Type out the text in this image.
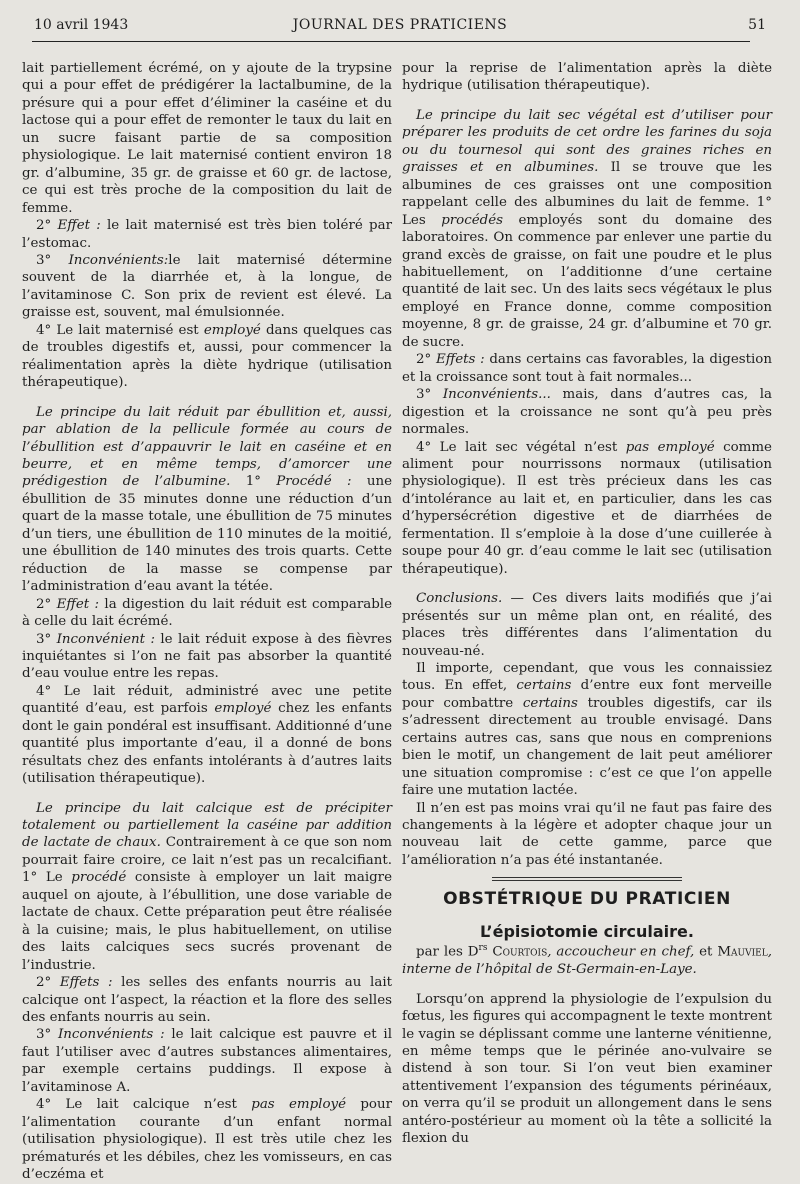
10 avril 1943	JOURNAL DES PRATICIENS	51

lait partiellement écrémé, on y ajoute de la trypsine qui a pour effet de prédigérer la lactalbumine, de la présure qui a pour effet d’éliminer la caséine et du lactose qui a pour effet de remonter le taux du lait en un sucre faisant partie de sa composition physiologique. Le lait maternisé contient environ 18 gr. d’albumine, 35 gr. de graisse et 60 gr. de lactose, ce qui est très proche de la composition du lait de femme.

2° Effet : le lait maternisé est très bien toléré par l’estomac.

3° Inconvénients:le lait maternisé détermine souvent de la diarrhée et, à la longue, de l’avitaminose C. Son prix de revient est élevé. La graisse est, souvent, mal émulsionnée.

4° Le lait maternisé est employé dans quelques cas de troubles digestifs et, aussi, pour commencer la réalimentation après la diète hydrique (utilisation thérapeutique).

Le principe du lait réduit par ébullition et, aussi, par ablation de la pellicule formée au cours de l’ébullition est d’appauvrir le lait en caséine et en beurre, et en même temps, d’amorcer une prédigestion de l’albumine. 1° Procédé : une ébullition de 35 minutes donne une réduction d’un quart de la masse totale, une ébullition de 75 minutes d’un tiers, une ébullition de 110 minutes de la moitié, une ébullition de 140 minutes des trois quarts. Cette réduction de la masse se compense par l’administration d’eau avant la tétée.

2° Effet : la digestion du lait réduit est comparable à celle du lait écrémé.

3° Inconvénient : le lait réduit expose à des fièvres inquiétantes si l’on ne fait pas absorber la quantité d’eau voulue entre les repas.

4° Le lait réduit, administré avec une petite quantité d’eau, est parfois employé chez les enfants dont le gain pondéral est insuffisant. Additionné d’une quantité plus importante d’eau, il a donné de bons résultats chez des enfants intolérants à d’autres laits (utilisation thérapeutique).

Le principe du lait calcique est de précipiter totalement ou partiellement la caséine par addition de lactate de chaux. Contrairement à ce que son nom pourrait faire croire, ce lait n’est pas un recalcifiant. 1° Le procédé consiste à employer un lait maigre auquel on ajoute, à l’ébullition, une dose variable de lactate de chaux. Cette préparation peut être réalisée à la cuisine; mais, le plus habituellement, on utilise des laits calciques secs sucrés provenant de l’industrie.

2° Effets : les selles des enfants nourris au lait calcique ont l’aspect, la réaction et la flore des selles des enfants nourris au sein.

3° Inconvénients : le lait calcique est pauvre et il faut l’utiliser avec d’autres substances alimentaires, par exemple certains puddings. Il expose à l’avitaminose A.

4° Le lait calcique n’est pas employé pour l’alimentation courante d’un enfant normal (utilisation physiologique). Il est très utile chez les prématurés et les débiles, chez les vomisseurs, en cas d’eczéma et

pour la reprise de l’alimentation après la diète hydrique (utilisation thérapeutique).

Le principe du lait sec végétal est d’utiliser pour préparer les produits de cet ordre les farines du soja ou du tournesol qui sont des graines riches en graisses et en albumines. Il se trouve que les albumines de ces graisses ont une composition rappelant celle des albumines du lait de femme. 1° Les procédés employés sont du domaine des laboratoires. On commence par enlever une partie du grand excès de graisse, on fait une poudre et le plus habituellement, on l’additionne d’une certaine quantité de lait sec. Un des laits secs végétaux le plus employé en France donne, comme composition moyenne, 8 gr. de graisse, 24 gr. d’albumine et 70 gr. de sucre.

2° Effets : dans certains cas favorables, la digestion et la croissance sont tout à fait normales...

3° Inconvénients... mais, dans d’autres cas, la digestion et la croissance ne sont qu’à peu près normales.

4° Le lait sec végétal n’est pas employé comme aliment pour nourrissons normaux (utilisation physiologique). Il est très précieux dans les cas d’intolérance au lait et, en particulier, dans les cas d’hypersécrétion digestive et de diarrhées de fermentation. Il s’emploie à la dose d’une cuillerée à soupe pour 40 gr. d’eau comme le lait sec (utilisation thérapeutique).

Conclusions. — Ces divers laits modifiés que j’ai présentés sur un même plan ont, en réalité, des places très différentes dans l’alimentation du nouveau-né.

Il importe, cependant, que vous les connaissiez tous. En effet, certains d’entre eux font merveille pour combattre certains troubles digestifs, car ils s’adressent directement au trouble envisagé. Dans certains autres cas, sans que nous en comprenions bien le motif, un changement de lait peut améliorer une situation compromise : c’est ce que l’on appelle faire une mutation lactée.

Il n’en est pas moins vrai qu’il ne faut pas faire des changements à la légère et adopter chaque jour un nouveau lait de cette gamme, parce que l’amélioration n’a pas été instantanée.

OBSTÉTRIQUE DU PRATICIEN
L’épisiotomie circulaire.

par les $D^{rs}$ Courtois, accoucheur en chef, et Mauviel, interne de l’hôpital de St-Germain-en-Laye.

Lorsqu’on apprend la physiologie de l’expulsion du fœtus, les figures qui accompagnent le texte montrent le vagin se déplissant comme une lanterne vénitienne, en même temps que le périnée ano-vulvaire se distend à son tour. Si l’on veut bien examiner attentivement l’expansion des téguments périnéaux, on verra qu’il se produit un allongement dans le sens antéro-postérieur au moment où la tête a sollicité la flexion du
